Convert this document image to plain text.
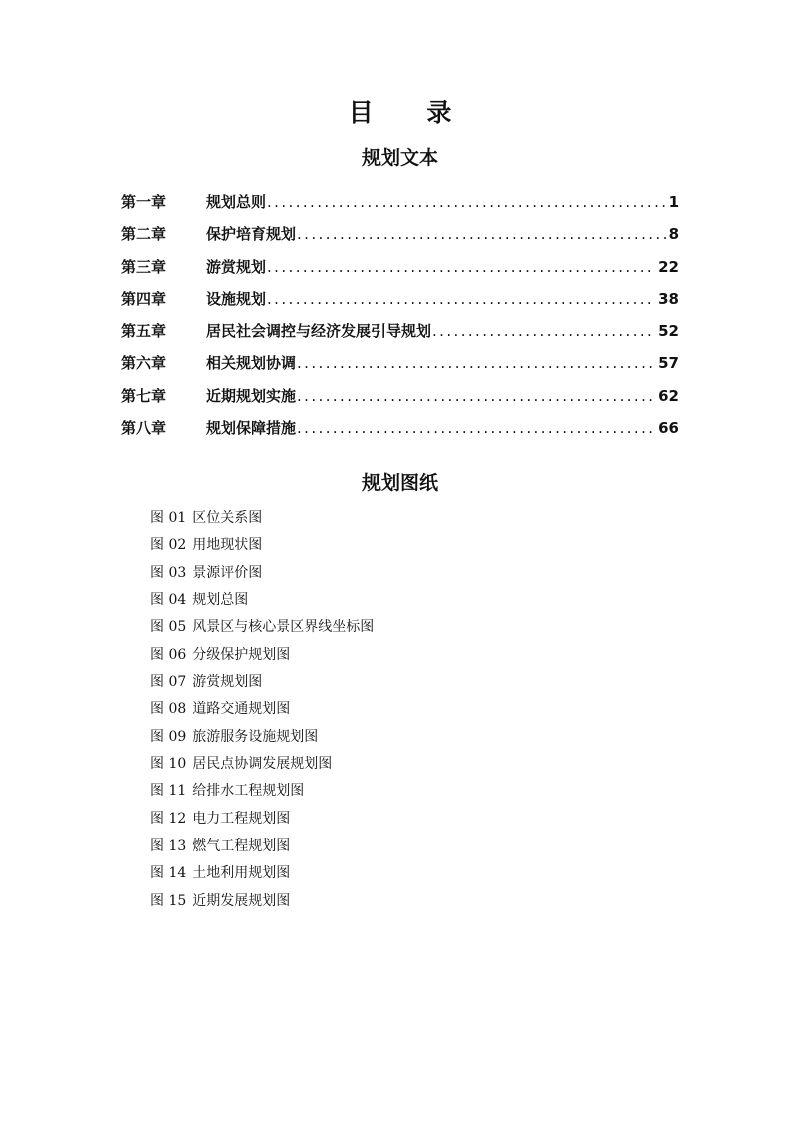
目 录
规划文本
第一章	规划总则 .....	1
第二章	保护培育规划 .....	8
第三章	游赏规划 .....	22
第四章	设施规划 .....	38
第五章	居民社会调控与经济发展引导规划 .....	52
第六章	相关规划协调 .....	57
第七章	近期规划实施 .....	62
第八章	规划保障措施 .....	66
规划图纸
图 01 区位关系图
图 02 用地现状图
图 03 景源评价图
图 04 规划总图
图 05 风景区与核心景区界线坐标图
图 06 分级保护规划图
图 07 游赏规划图
图 08 道路交通规划图
图 09 旅游服务设施规划图
图 10 居民点协调发展规划图
图 11 给排水工程规划图
图 12 电力工程规划图
图 13 燃气工程规划图
图 14 土地利用规划图
图 15 近期发展规划图
